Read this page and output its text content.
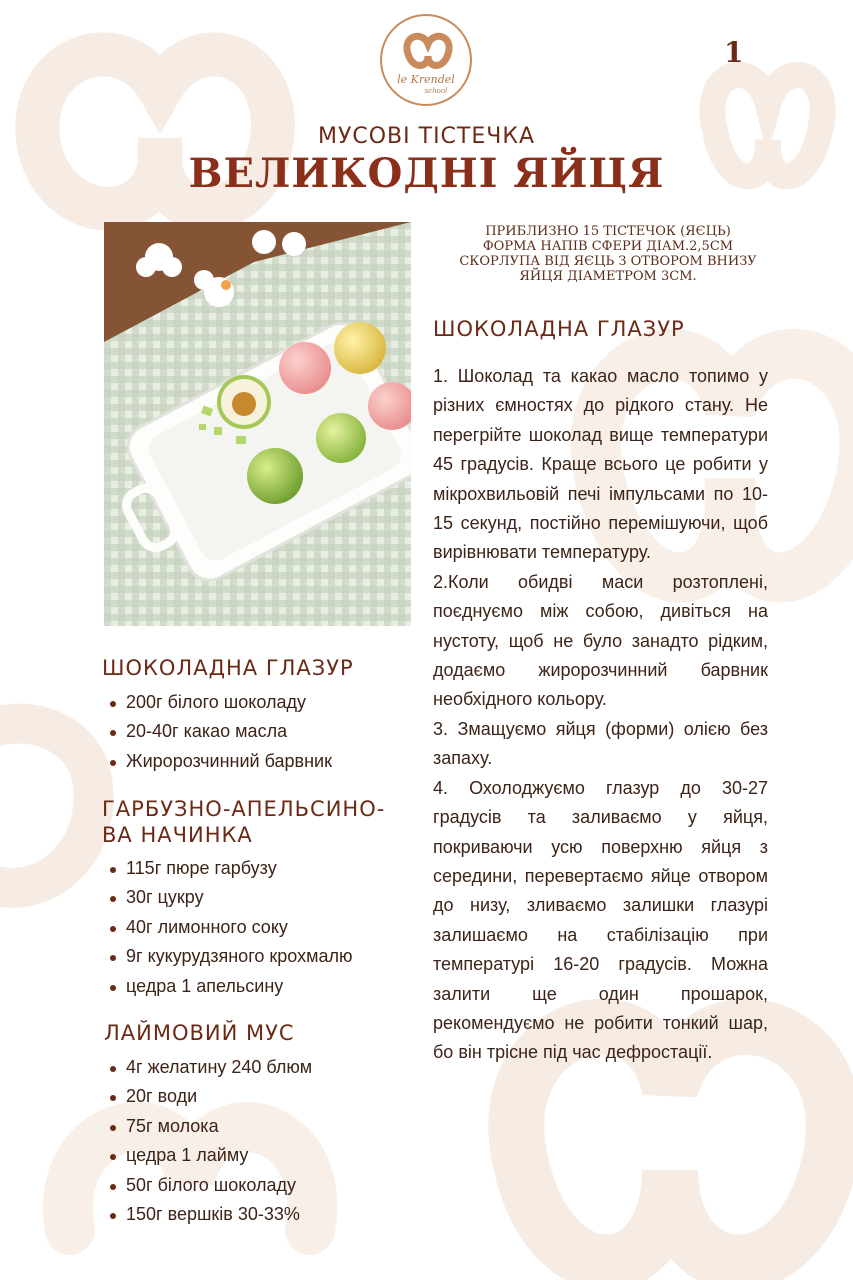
le Krendel
school
1
МУСОВІ ТІСТЕЧКА
ВЕЛИКОДНІ ЯЙЦЯ
ПРИБЛИЗНО 15 ТІСТЕЧОК (ЯЄЦЬ)
ФОРМА НАПІВ СФЕРИ ДІАМ.2,5СМ
СКОРЛУПА ВІД ЯЄЦЬ З ОТВОРОМ ВНИЗУ
ЯЙЦЯ ДІАМЕТРОМ 3СМ.
ШОКОЛАДНА ГЛАЗУР
200г білого шоколаду
20-40г какао масла
Жиророзчинний барвник
ГАРБУЗНО-АПЕЛЬСИНО-
ВА НАЧИНКА
115г пюре гарбузу
30г цукру
40г лимонного соку
9г кукурудзяного крохмалю
цедра 1 апельсину
ЛАЙМОВИЙ МУС
4г желатину 240 блюм
20г води
75г молока
цедра 1 лайму
50г білого шоколаду
150г вершків 30-33%
ШОКОЛАДНА ГЛАЗУР

1. Шоколад та какао масло топимо у різних ємностях до рідкого стану. Не перегрійте шоколад вище температури 45 градусів. Краще всього це робити у мікрохвильовій печі імпульсами по 10-15 секунд, постійно перемішуючи, щоб вирівнювати температуру.

2.Коли обидві маси розтоплені, поєднуємо між собою, дивіться на нустоту, щоб не було занадто рідким, додаємо жиророзчинний барвник необхідного кольору.

3. Змащуємо яйця (форми) олією без запаху.

4. Охолоджуємо глазур до 30-27 градусів та заливаємо у яйця, покриваючи усю поверхню яйця з середини, перевертаємо яйце отвором до низу, зливаємо залишки глазурі залишаємо на стабілізацію при температурі 16-20 градусів. Можна залити ще один прошарок, рекомендуємо не робити тонкий шар, бо він трісне під час дефростації.
